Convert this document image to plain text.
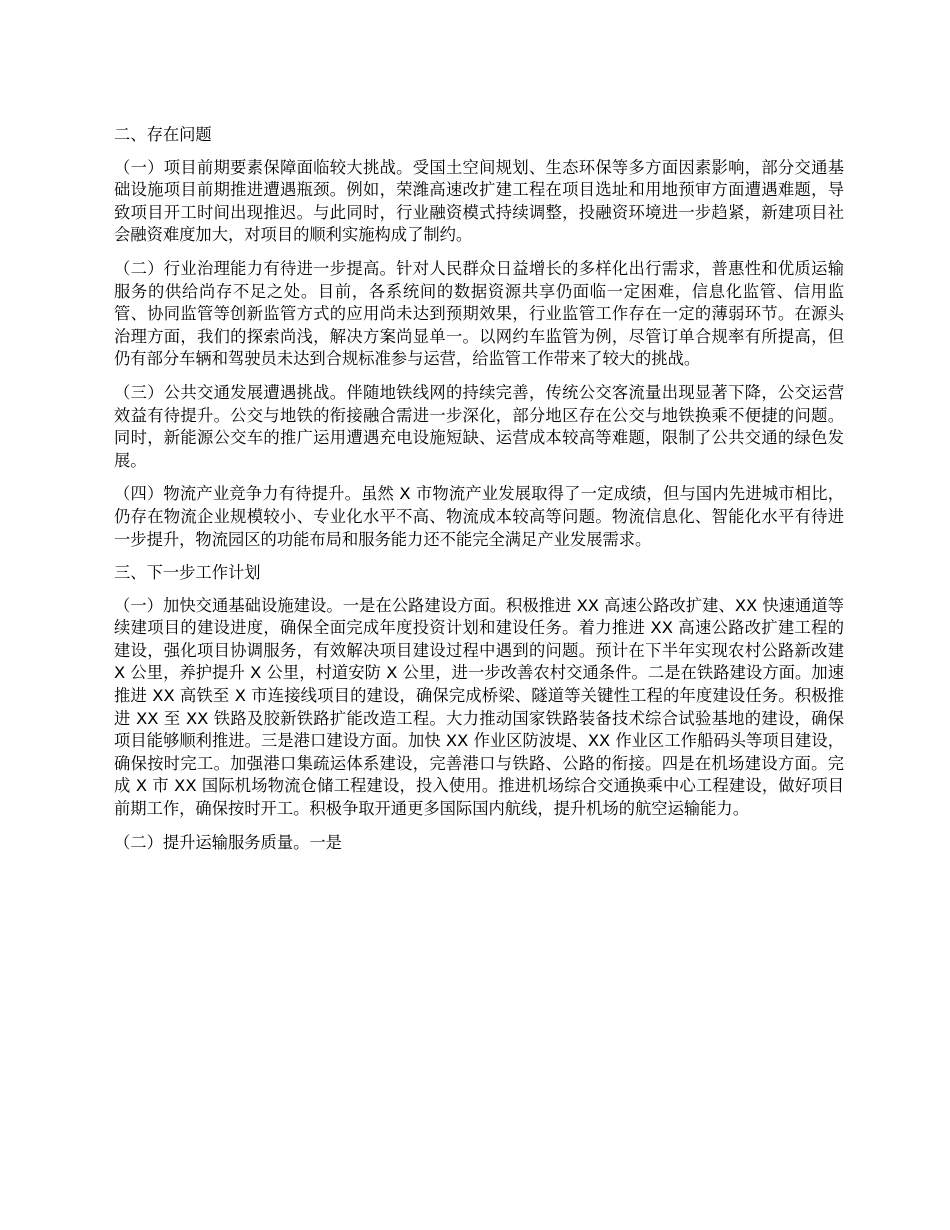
二、存在问题

（一）项目前期要素保障面临较大挑战。受国土空间规划、生态环保等多方面因素影响，部分交通基础设施项目前期推进遭遇瓶颈。例如，荣潍高速改扩建工程在项目选址和用地预审方面遭遇难题，导致项目开工时间出现推迟。与此同时，行业融资模式持续调整，投融资环境进一步趋紧，新建项目社会融资难度加大，对项目的顺利实施构成了制约。

（二）行业治理能力有待进一步提高。针对人民群众日益增长的多样化出行需求，普惠性和优质运输服务的供给尚存不足之处。目前，各系统间的数据资源共享仍面临一定困难，信息化监管、信用监管、协同监管等创新监管方式的应用尚未达到预期效果，行业监管工作存在一定的薄弱环节。在源头治理方面，我们的探索尚浅，解决方案尚显单一。以网约车监管为例，尽管订单合规率有所提高，但仍有部分车辆和驾驶员未达到合规标准参与运营，给监管工作带来了较大的挑战。

（三）公共交通发展遭遇挑战。伴随地铁线网的持续完善，传统公交客流量出现显著下降，公交运营效益有待提升。公交与地铁的衔接融合需进一步深化，部分地区存在公交与地铁换乘不便捷的问题。同时，新能源公交车的推广运用遭遇充电设施短缺、运营成本较高等难题，限制了公共交通的绿色发展。

（四）物流产业竞争力有待提升。虽然 X 市物流产业发展取得了一定成绩，但与国内先进城市相比，仍存在物流企业规模较小、专业化水平不高、物流成本较高等问题。物流信息化、智能化水平有待进一步提升，物流园区的功能布局和服务能力还不能完全满足产业发展需求。

三、下一步工作计划

（一）加快交通基础设施建设。一是在公路建设方面。积极推进 XX 高速公路改扩建、XX 快速通道等续建项目的建设进度，确保全面完成年度投资计划和建设任务。着力推进 XX 高速公路改扩建工程的建设，强化项目协调服务，有效解决项目建设过程中遇到的问题。预计在下半年实现农村公路新改建 X 公里，养护提升 X 公里，村道安防 X 公里，进一步改善农村交通条件。二是在铁路建设方面。加速推进 XX 高铁至 X 市连接线项目的建设，确保完成桥梁、隧道等关键性工程的年度建设任务。积极推进 XX 至 XX 铁路及胶新铁路扩能改造工程。大力推动国家铁路装备技术综合试验基地的建设，确保项目能够顺利推进。三是港口建设方面。加快 XX 作业区防波堤、XX 作业区工作船码头等项目建设，确保按时完工。加强港口集疏运体系建设，完善港口与铁路、公路的衔接。四是在机场建设方面。完成 X 市 XX 国际机场物流仓储工程建设，投入使用。推进机场综合交通换乘中心工程建设，做好项目前期工作，确保按时开工。积极争取开通更多国际国内航线，提升机场的航空运输能力。

（二）提升运输服务质量。一是
